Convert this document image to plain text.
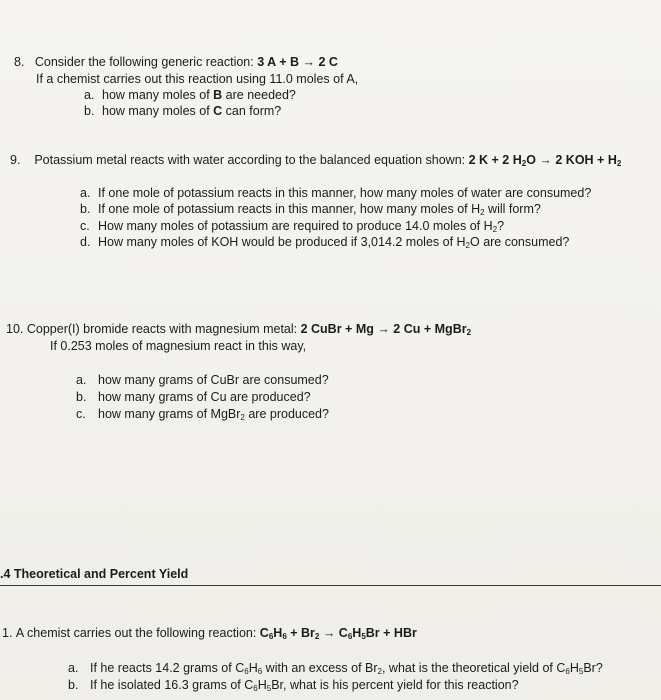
8. Consider the following generic reaction: 3 A + B → 2 C
If a chemist carries out this reaction using 11.0 moles of A,
a. how many moles of B are needed?
b. how many moles of C can form?
9. Potassium metal reacts with water according to the balanced equation shown: 2 K + 2 $H_2O \to 2$ KOH + $H_2$
a. If one mole of potassium reacts in this manner, how many moles of water are consumed?
b. If one mole of potassium reacts in this manner, how many moles of $H_2$ will form?
c. How many moles of potassium are required to produce 14.0 moles of $H_2$?
d. How many moles of KOH would be produced if 3,014.2 moles of $H_2O$ are consumed?
10. Copper(I) bromide reacts with magnesium metal: 2 CuBr + Mg → 2 Cu + MgBr$_2$
If 0.253 moles of magnesium react in this way,
a. how many grams of CuBr are consumed?
b. how many grams of Cu are produced?
c. how many grams of MgBr$_2$ are produced?
.4 Theoretical and Percent Yield
1. A chemist carries out the following reaction: $C_6H_6 + Br_2 \to C_6H_5Br$ + HBr
a. If he reacts 14.2 grams of $C_6H_6$ with an excess of $Br_2$, what is the theoretical yield of $C_6H_5Br$?
b. If he isolated 16.3 grams of $C_6H_5Br$, what is his percent yield for this reaction?
